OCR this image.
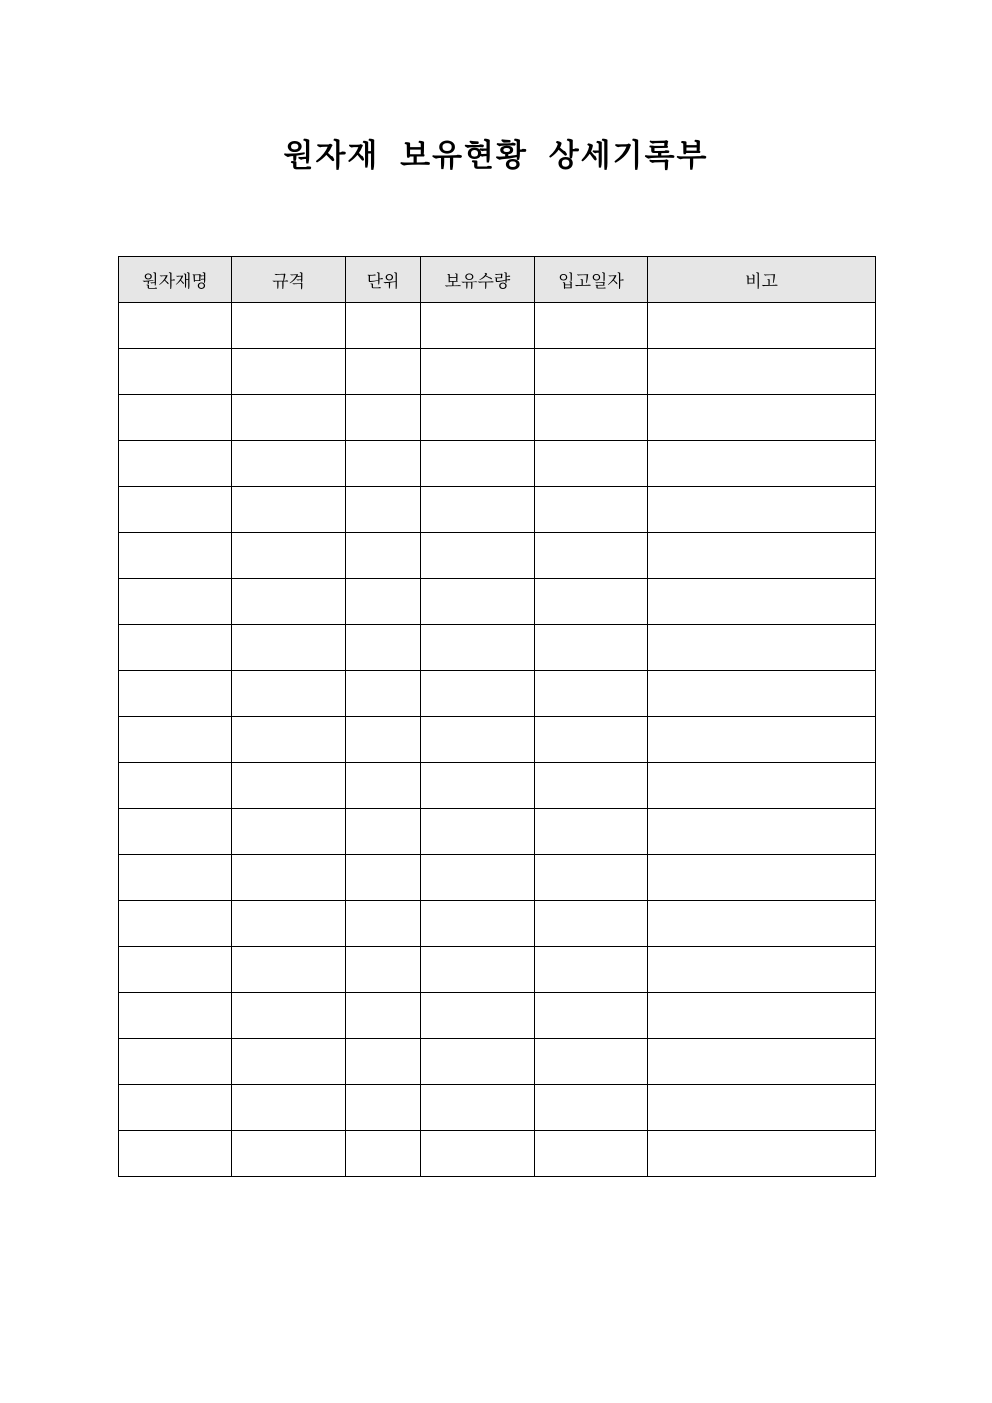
원자재 보유현황 상세기록부
원자재명	규격	단위	보유수량	입고일자	비고
